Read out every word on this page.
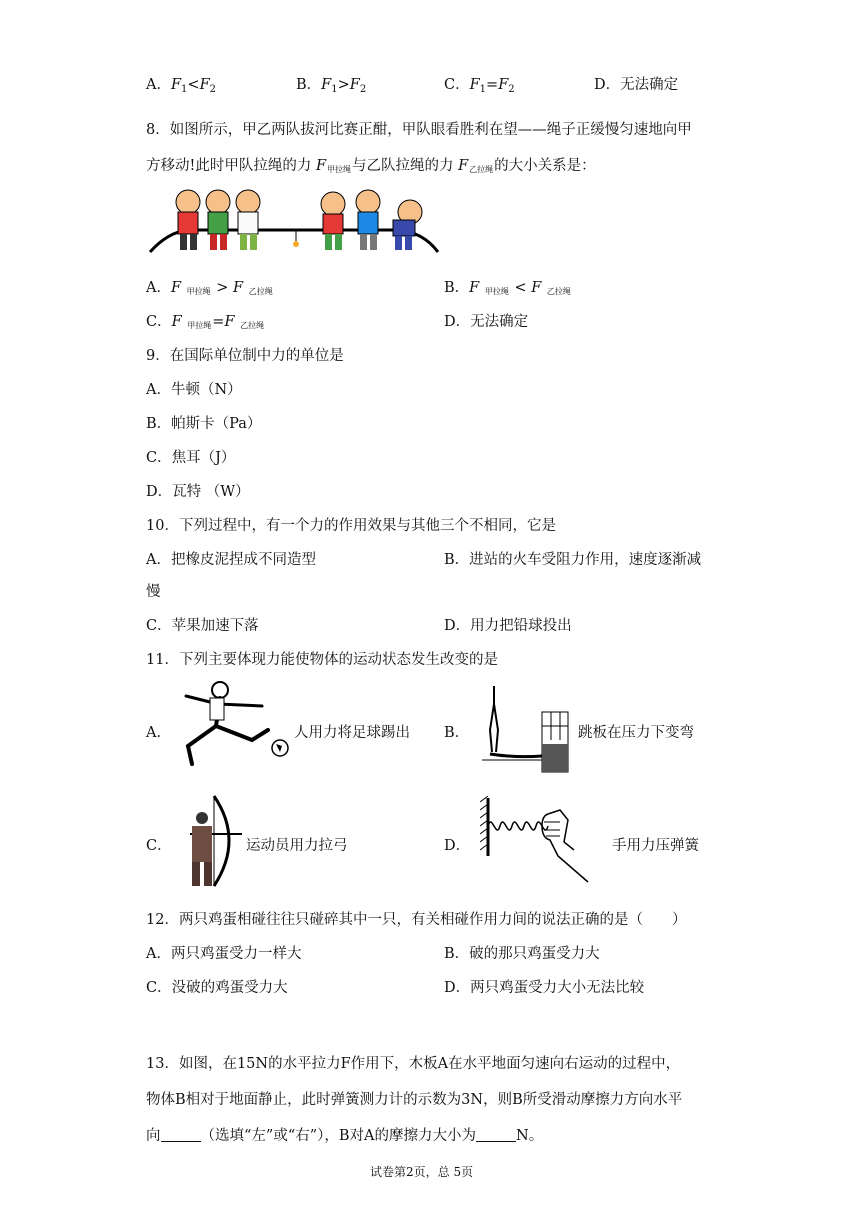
A．$F_1<F_2$	B．$F_1>F_2$	C．$F_1=F_2$	D．无法确定
8．如图所示，甲乙两队拔河比赛正酣，甲队眼看胜利在望——绳子正缓慢匀速地向甲
方移动!此时甲队拉绳的力 F甲拉绳与乙队拉绳的力 F乙拉绳的大小关系是：
A．F 甲拉绳 > F 乙拉绳	B．F 甲拉绳 < F 乙拉绳
C．F 甲拉绳=F 乙拉绳	D．无法确定
9．在国际单位制中力的单位是
A．牛顿（N）
B．帕斯卡（Pa）
C．焦耳（J）
D．瓦特 （W）
10．下列过程中，有一个力的作用效果与其他三个不相同，它是
A．把橡皮泥捏成不同造型	B．进站的火车受阻力作用，速度逐渐减
慢
C．苹果加速下落	D．用力把铅球投出
11．下列主要体现力能使物体的运动状态发生改变的是
A．	人用力将足球踢出 B．	跳板在压力下变弯
C．	运动员用力拉弓	D．	手用力压弹簧
12．两只鸡蛋相碰往往只碰碎其中一只，有关相碰作用力间的说法正确的是（　　）
A．两只鸡蛋受力一样大	B．破的那只鸡蛋受力大
C．没破的鸡蛋受力大	D．两只鸡蛋受力大小无法比较
13．如图，在15N的水平拉力F作用下，木板A在水平地面匀速向右运动的过程中，
物体B相对于地面静止，此时弹簧测力计的示数为3N，则B所受滑动摩擦力方向水平
向	（选填“左”或“右”），B对A的摩擦力大小为	N。
试卷第2页，总 5页
